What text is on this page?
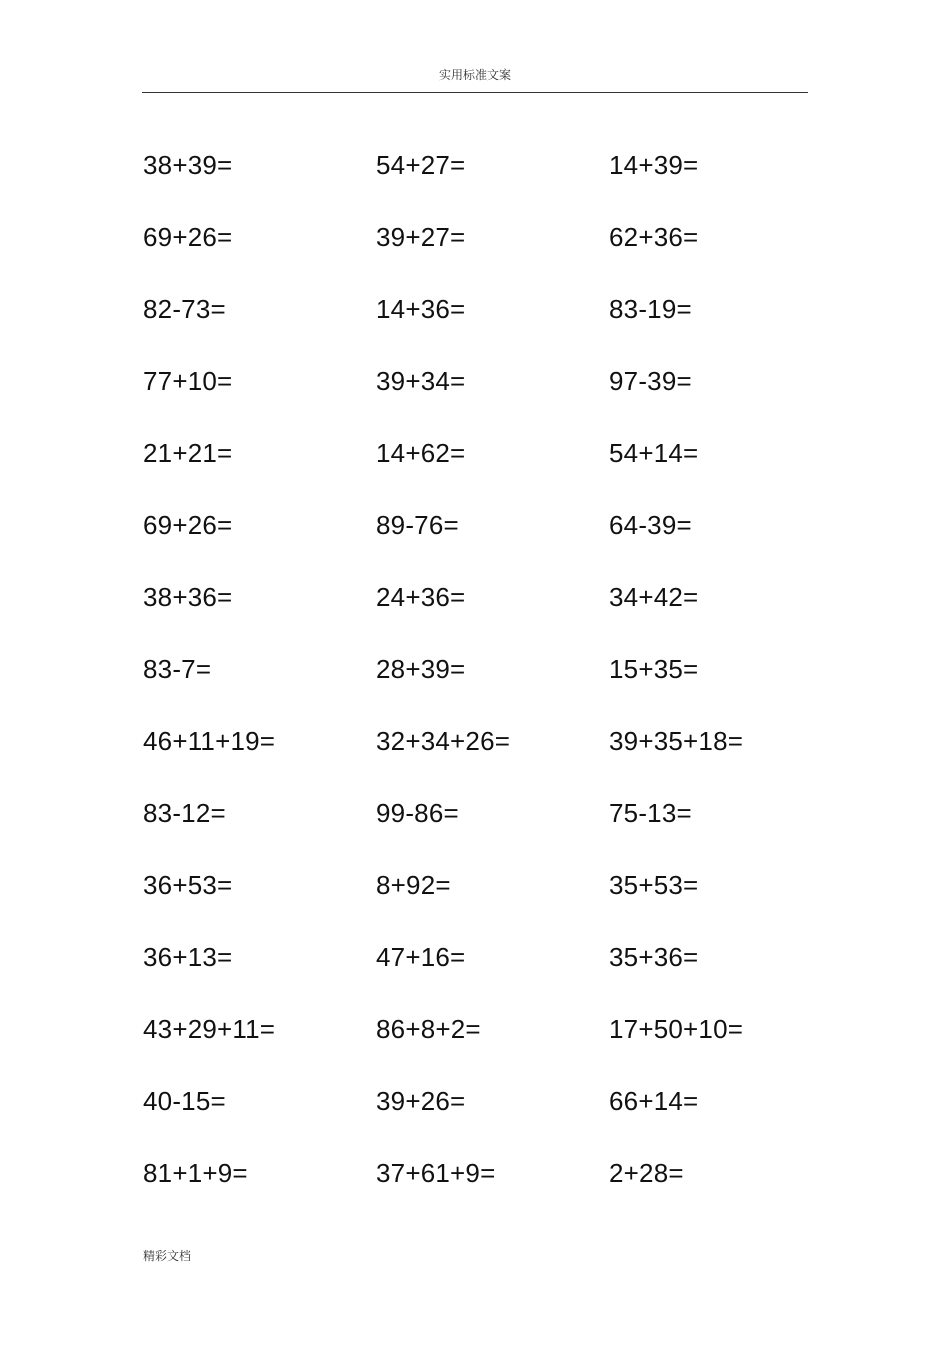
实用标准文案
38+39=	54+27=	14+39=
69+26=	39+27=	62+36=
82-73=	14+36=	83-19=
77+10=	39+34=	97-39=
21+21=	14+62=	54+14=
69+26=	89-76=	64-39=
38+36=	24+36=	34+42=
83-7=	28+39=	15+35=
46+11+19=	32+34+26=	39+35+18=
83-12=	99-86=	75-13=
36+53=	8+92=	35+53=
36+13=	47+16=	35+36=
43+29+11=	86+8+2=	17+50+10=
40-15=	39+26=	66+14=
81+1+9=	37+61+9=	2+28=
精彩文档
